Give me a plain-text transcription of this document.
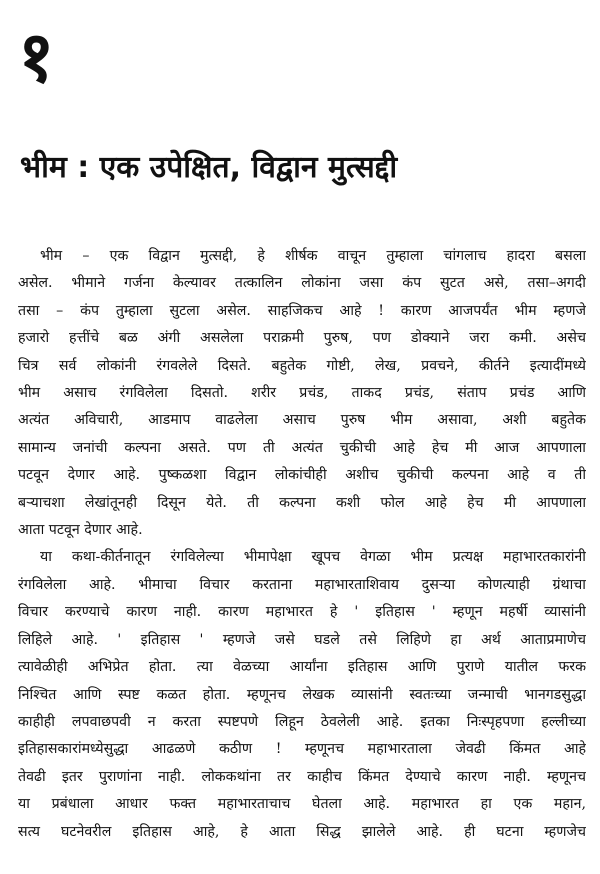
१
भीम : एक उपेक्षित, विद्वान मुत्सद्दी
भीम – एक विद्वान मुत्सद्दी, हे शीर्षक वाचून तुम्हाला चांगलाच हादरा बसला
असेल. भीमाने गर्जना केल्यावर तत्कालिन लोकांना जसा कंप सुटत असे, तसा–अगदी
तसा – कंप तुम्हाला सुटला असेल. साहजिकच आहे ! कारण आजपर्यंत भीम म्हणजे
हजारो हत्तींचे बळ अंगी असलेला पराक्रमी पुरुष, पण डोक्याने जरा कमी. असेच
चित्र सर्व लोकांनी रंगवलेले दिसते. बहुतेक गोष्टी, लेख, प्रवचने, कीर्तने इत्यादींमध्ये
भीम असाच रंगविलेला दिसतो. शरीर प्रचंड, ताकद प्रचंड, संताप प्रचंड आणि
अत्यंत अविचारी, आडमाप वाढलेला असाच पुरुष भीम असावा, अशी बहुतेक
सामान्य जनांची कल्पना असते. पण ती अत्यंत चुकीची आहे हेच मी आज आपणाला
पटवून देणार आहे. पुष्कळशा विद्वान लोकांचीही अशीच चुकीची कल्पना आहे व ती
बऱ्याचशा लेखांतूनही दिसून येते. ती कल्पना कशी फोल आहे हेच मी आपणाला
आता पटवून देणार आहे.
या कथा-कीर्तनातून रंगविलेल्या भीमापेक्षा खूपच वेगळा भीम प्रत्यक्ष महाभारतकारांनी
रंगविलेला आहे. भीमाचा विचार करताना महाभारताशिवाय दुसऱ्या कोणत्याही ग्रंथाचा
विचार करण्याचे कारण नाही. कारण महाभारत हे ' इतिहास ' म्हणून महर्षी व्यासांनी
लिहिले आहे. ' इतिहास ' म्हणजे जसे घडले तसे लिहिणे हा अर्थ आताप्रमाणेच
त्यावेळीही अभिप्रेत होता. त्या वेळच्या आर्यांना इतिहास आणि पुराणे यातील फरक
निश्चित आणि स्पष्ट कळत होता. म्हणूनच लेखक व्यासांनी स्वतःच्या जन्माची भानगडसुद्धा
काहीही लपवाछपवी न करता स्पष्टपणे लिहून ठेवलेली आहे. इतका निःस्पृहपणा हल्लीच्या
इतिहासकारांमध्येसुद्धा आढळणे कठीण ! म्हणूनच महाभारताला जेवढी किंमत आहे
तेवढी इतर पुराणांना नाही. लोककथांना तर काहीच किंमत देण्याचे कारण नाही. म्हणूनच
या प्रबंधाला आधार फक्त महाभारताचाच घेतला आहे. महाभारत हा एक महान,
सत्य घटनेवरील इतिहास आहे, हे आता सिद्ध झालेले आहे. ही घटना म्हणजेच
